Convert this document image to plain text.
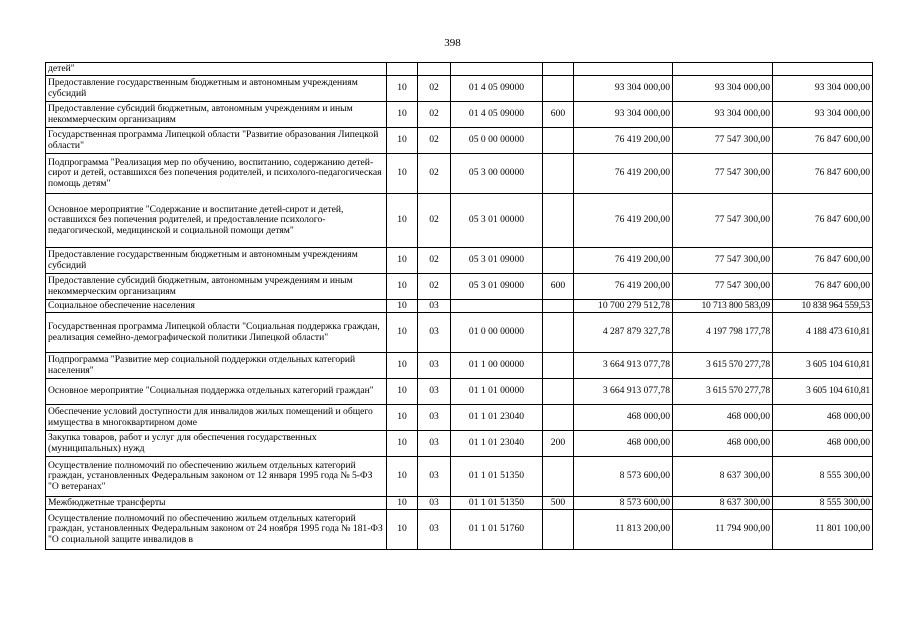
398
детей"							
Предоставление государственным бюджетным и автономным учреждениям субсидий	10	02	01 4 05 09000		93 304 000,00	93 304 000,00	93 304 000,00
Предоставление субсидий бюджетным, автономным учреждениям и иным некоммерческим организациям	10	02	01 4 05 09000	600	93 304 000,00	93 304 000,00	93 304 000,00
Государственная программа Липецкой области "Развитие образования Липецкой области"	10	02	05 0 00 00000		76 419 200,00	77 547 300,00	76 847 600,00
Подпрограмма "Реализация мер по обучению, воспитанию, содержанию детей-сирот и детей, оставшихся без попечения родителей, и психолого-педагогическая помощь детям"	10	02	05 3 00 00000		76 419 200,00	77 547 300,00	76 847 600,00
Основное мероприятие "Содержание и воспитание детей-сирот и детей, оставшихся без попечения родителей, и предоставление психолого-педагогической, медицинской и социальной помощи детям"	10	02	05 3 01 00000		76 419 200,00	77 547 300,00	76 847 600,00
Предоставление государственным бюджетным и автономным учреждениям субсидий	10	02	05 3 01 09000		76 419 200,00	77 547 300,00	76 847 600,00
Предоставление субсидий бюджетным, автономным учреждениям и иным некоммерческим организациям	10	02	05 3 01 09000	600	76 419 200,00	77 547 300,00	76 847 600,00
Социальное обеспечение населения	10	03			10 700 279 512,78	10 713 800 583,09	10 838 964 559,53
Государственная программа Липецкой области "Социальная поддержка граждан, реализация семейно-демографической политики Липецкой области"	10	03	01 0 00 00000		4 287 879 327,78	4 197 798 177,78	4 188 473 610,81
Подпрограмма "Развитие мер социальной поддержки отдельных категорий населения"	10	03	01 1 00 00000		3 664 913 077,78	3 615 570 277,78	3 605 104 610,81
Основное мероприятие "Социальная поддержка отдельных категорий граждан"	10	03	01 1 01 00000		3 664 913 077,78	3 615 570 277,78	3 605 104 610,81
Обеспечение условий доступности для инвалидов жилых помещений и общего имущества в многоквартирном доме	10	03	01 1 01 23040		468 000,00	468 000,00	468 000,00
Закупка товаров, работ и услуг для обеспечения государственных (муниципальных) нужд	10	03	01 1 01 23040	200	468 000,00	468 000,00	468 000,00
Осуществление полномочий по обеспечению жильем отдельных категорий граждан, установленных Федеральным законом от 12 января 1995 года № 5-ФЗ "О ветеранах"	10	03	01 1 01 51350		8 573 600,00	8 637 300,00	8 555 300,00
Межбюджетные трансферты	10	03	01 1 01 51350	500	8 573 600,00	8 637 300,00	8 555 300,00
Осуществление полномочий по обеспечению жильем отдельных категорий граждан, установленных Федеральным законом от 24 ноября 1995 года № 181-ФЗ "О социальной защите инвалидов в	10	03	01 1 01 51760		11 813 200,00	11 794 900,00	11 801 100,00
